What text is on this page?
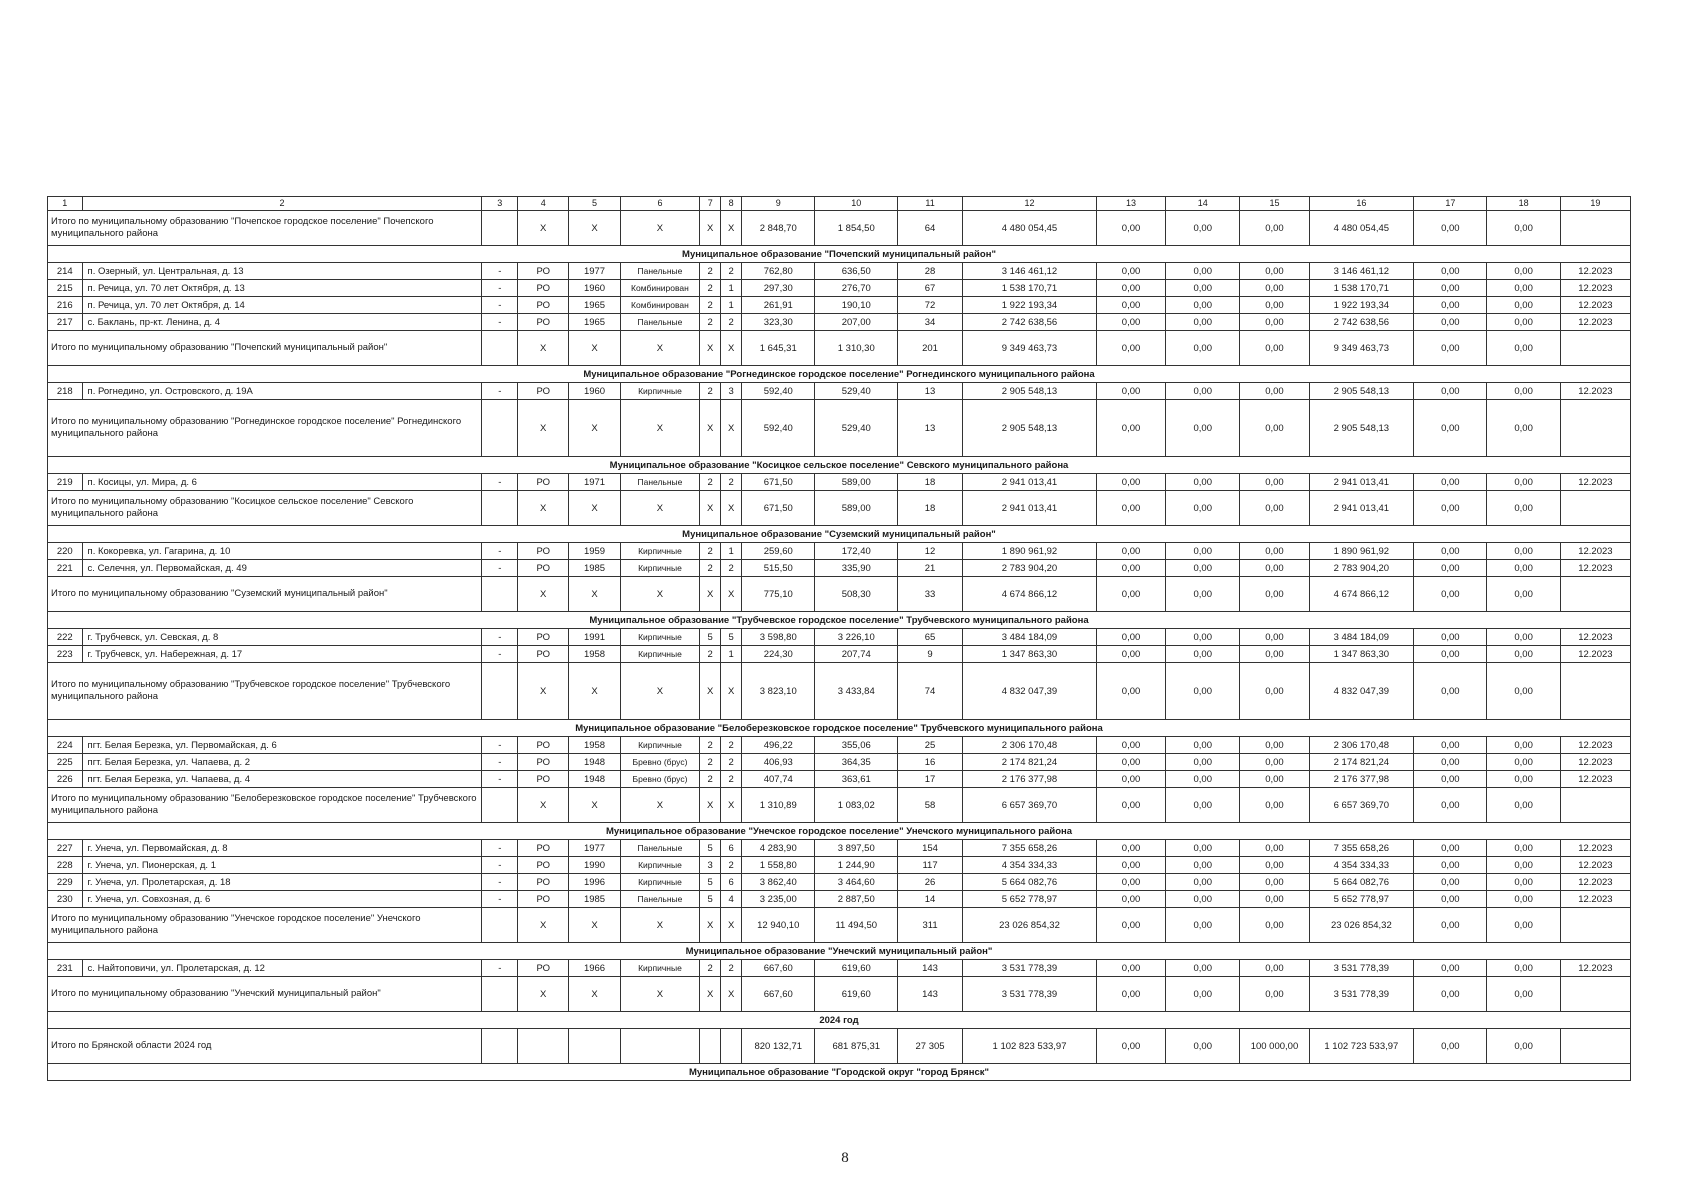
1	2	3	4	5	6	7	8	9	10	11	12	13	14	15	16	17	18	19
Итого по муниципальному образованию "Почепское городское поселение" Почепского муниципального района			X	X	X	X	X	2 848,70	1 854,50	64	4 480 054,45	0,00	0,00	0,00	4 480 054,45	0,00	0,00	
Муниципальное образование "Почепский муниципальный район"																		
214	п. Озерный, ул. Центральная, д. 13	-	РО	1977	Панельные	2	2	762,80	636,50	28	3 146 461,12	0,00	0,00	0,00	3 146 461,12	0,00	0,00	12.2023
215	п. Речица, ул. 70 лет Октября, д. 13	-	РО	1960	Комбинирован	2	1	297,30	276,70	67	1 538 170,71	0,00	0,00	0,00	1 538 170,71	0,00	0,00	12.2023
216	п. Речица, ул. 70 лет Октября, д. 14	-	РО	1965	Комбинирован	2	1	261,91	190,10	72	1 922 193,34	0,00	0,00	0,00	1 922 193,34	0,00	0,00	12.2023
217	с. Баклань, пр-кт. Ленина, д. 4	-	РО	1965	Панельные	2	2	323,30	207,00	34	2 742 638,56	0,00	0,00	0,00	2 742 638,56	0,00	0,00	12.2023
Итого по муниципальному образованию "Почепский муниципальный район"			X	X	X	X	X	1 645,31	1 310,30	201	9 349 463,73	0,00	0,00	0,00	9 349 463,73	0,00	0,00	
Муниципальное образование "Рогнединское городское поселение" Рогнединского муниципального района																		
218	п. Рогнедино, ул. Островского, д. 19А	-	РО	1960	Кирпичные	2	3	592,40	529,40	13	2 905 548,13	0,00	0,00	0,00	2 905 548,13	0,00	0,00	12.2023
Итого по муниципальному образованию "Рогнединское городское поселение" Рогнединского муниципального района			X	X	X	X	X	592,40	529,40	13	2 905 548,13	0,00	0,00	0,00	2 905 548,13	0,00	0,00	
Муниципальное образование "Косицкое сельское поселение" Севского муниципального района																		
219	п. Косицы, ул. Мира, д. 6	-	РО	1971	Панельные	2	2	671,50	589,00	18	2 941 013,41	0,00	0,00	0,00	2 941 013,41	0,00	0,00	12.2023
Итого по муниципальному образованию "Косицкое сельское поселение" Севского муниципального района			X	X	X	X	X	671,50	589,00	18	2 941 013,41	0,00	0,00	0,00	2 941 013,41	0,00	0,00	
Муниципальное образование "Суземский муниципальный район"																		
220	п. Кокоревка, ул. Гагарина, д. 10	-	РО	1959	Кирпичные	2	1	259,60	172,40	12	1 890 961,92	0,00	0,00	0,00	1 890 961,92	0,00	0,00	12.2023
221	с. Селечня, ул. Первомайская, д. 49	-	РО	1985	Кирпичные	2	2	515,50	335,90	21	2 783 904,20	0,00	0,00	0,00	2 783 904,20	0,00	0,00	12.2023
Итого по муниципальному образованию "Суземский муниципальный район"			X	X	X	X	X	775,10	508,30	33	4 674 866,12	0,00	0,00	0,00	4 674 866,12	0,00	0,00	
Муниципальное образование "Трубчевское городское поселение" Трубчевского муниципального района																		
222	г. Трубчевск, ул. Севская, д. 8	-	РО	1991	Кирпичные	5	5	3 598,80	3 226,10	65	3 484 184,09	0,00	0,00	0,00	3 484 184,09	0,00	0,00	12.2023
223	г. Трубчевск, ул. Набережная, д. 17	-	РО	1958	Кирпичные	2	1	224,30	207,74	9	1 347 863,30	0,00	0,00	0,00	1 347 863,30	0,00	0,00	12.2023
Итого по муниципальному образованию "Трубчевское городское поселение" Трубчевского муниципального района			X	X	X	X	X	3 823,10	3 433,84	74	4 832 047,39	0,00	0,00	0,00	4 832 047,39	0,00	0,00	
Муниципальное образование "Белоберезковское городское поселение" Трубчевского муниципального района																		
224	пгт. Белая Березка, ул. Первомайская, д. 6	-	РО	1958	Кирпичные	2	2	496,22	355,06	25	2 306 170,48	0,00	0,00	0,00	2 306 170,48	0,00	0,00	12.2023
225	пгт. Белая Березка, ул. Чапаева, д. 2	-	РО	1948	Бревно (брус)	2	2	406,93	364,35	16	2 174 821,24	0,00	0,00	0,00	2 174 821,24	0,00	0,00	12.2023
226	пгт. Белая Березка, ул. Чапаева, д. 4	-	РО	1948	Бревно (брус)	2	2	407,74	363,61	17	2 176 377,98	0,00	0,00	0,00	2 176 377,98	0,00	0,00	12.2023
Итого по муниципальному образованию "Белоберезковское городское поселение" Трубчевского муниципального района			X	X	X	X	X	1 310,89	1 083,02	58	6 657 369,70	0,00	0,00	0,00	6 657 369,70	0,00	0,00	
Муниципальное образование "Унечское городское поселение" Унечского муниципального района																		
227	г. Унеча, ул. Первомайская, д. 8	-	РО	1977	Панельные	5	6	4 283,90	3 897,50	154	7 355 658,26	0,00	0,00	0,00	7 355 658,26	0,00	0,00	12.2023
228	г. Унеча, ул. Пионерская, д. 1	-	РО	1990	Кирпичные	3	2	1 558,80	1 244,90	117	4 354 334,33	0,00	0,00	0,00	4 354 334,33	0,00	0,00	12.2023
229	г. Унеча, ул. Пролетарская, д. 18	-	РО	1996	Кирпичные	5	6	3 862,40	3 464,60	26	5 664 082,76	0,00	0,00	0,00	5 664 082,76	0,00	0,00	12.2023
230	г. Унеча, ул. Совхозная, д. 6	-	РО	1985	Панельные	5	4	3 235,00	2 887,50	14	5 652 778,97	0,00	0,00	0,00	5 652 778,97	0,00	0,00	12.2023
Итого по муниципальному образованию "Унечское городское поселение" Унечского муниципального района			X	X	X	X	X	12 940,10	11 494,50	311	23 026 854,32	0,00	0,00	0,00	23 026 854,32	0,00	0,00	
Муниципальное образование "Унечский муниципальный район"																		
231	с. Найтоповичи, ул. Пролетарская, д. 12	-	РО	1966	Кирпичные	2	2	667,60	619,60	143	3 531 778,39	0,00	0,00	0,00	3 531 778,39	0,00	0,00	12.2023
Итого по муниципальному образованию "Унечский муниципальный район"			X	X	X	X	X	667,60	619,60	143	3 531 778,39	0,00	0,00	0,00	3 531 778,39	0,00	0,00	
2024 год																		
Итого по Брянской области 2024 год								820 132,71	681 875,31	27 305	1 102 823 533,97	0,00	0,00	100 000,00	1 102 723 533,97	0,00	0,00	
Муниципальное образование "Городской округ "город Брянск"																		
8
